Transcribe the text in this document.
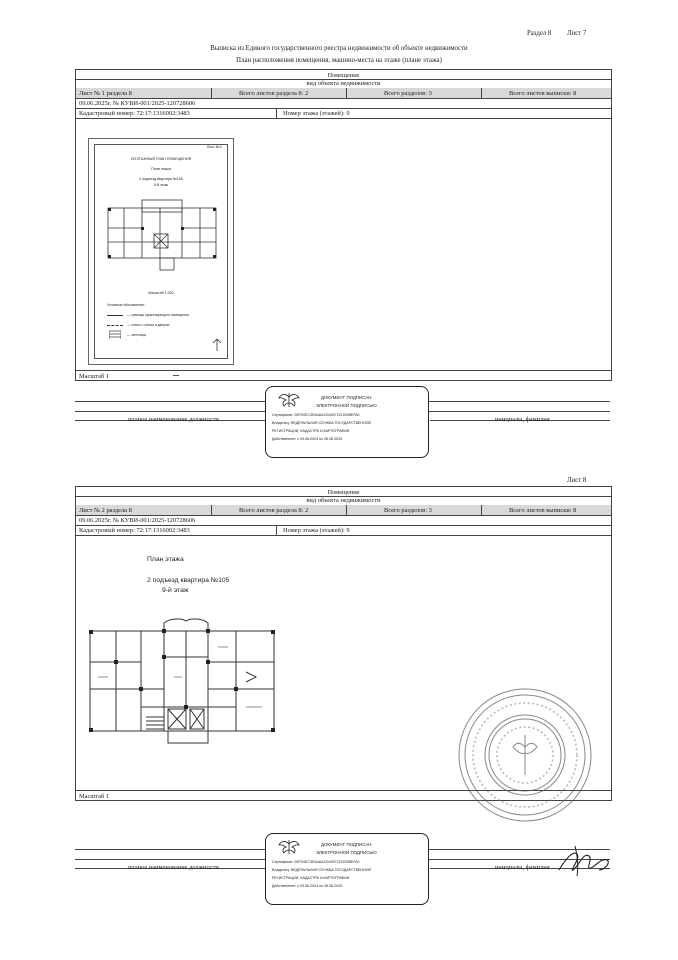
Раздел 8 Лист 7
Выписка из Единого государственного реестра недвижимости об объекте недвижимости
План расположения помещения, машино-места на этаже (плане этажа)
Помещение
вид объекта недвижимости
Лист № 1 раздела 8	Всего листов раздела 8: 2	Всего разделов: 3	Всего листов выписки: 8
09.06.2025г. № КУВИ-001/2025-120728606
Кадастровый номер: 72:17:1316002:3483	Номер этажа (этажей): 9
Масштаб 1
Лист №3
ПОЭТАЖНЫЙ ПЛАН ПОМЕЩЕНИЯ
План этажа
2 подъезд квартира №105
9-й этаж
Масштаб 1:200
Условные обозначения:
— граница существующего помещения
— стены с окном и дверью
— лестница
полное наименование должности	инициалы, фамилия
ДОКУМЕНТ ПОДПИСАН
ЭЛЕКТРОННОЙ ПОДПИСЬЮ
Сертификат: 00FD0EC3EA4AAC0A9072215395EFA0
Владелец: ФЕДЕРАЛЬНАЯ СЛУЖБА ГОСУДАРСТВЕННОЙ
РЕГИСТРАЦИИ, КАДАСТРА И КАРТОГРАФИИ
Действителен: с 03.06.2024 по 26.08.2025
Лист 8
Помещение
вид объекта недвижимости
Лист № 2 раздела 8	Всего листов раздела 8: 2	Всего разделов: 3	Всего листов выписки: 8
09.06.2025г. № КУВИ-001/2025-120728606
Кадастровый номер: 72:17:1316002:3483	Номер этажа (этажей): 9
Масштаб 1
План этажа
2 подъезд квартира №105
9-й этаж
полное наименование должности	инициалы, фамилия
ДОКУМЕНТ ПОДПИСАН
ЭЛЕКТРОННОЙ ПОДПИСЬЮ
Сертификат: 00FD0EC3EA4AAC0A9072215395EFA0
Владелец: ФЕДЕРАЛЬНАЯ СЛУЖБА ГОСУДАРСТВЕННОЙ
РЕГИСТРАЦИИ, КАДАСТРА И КАРТОГРАФИИ
Действителен: с 03.06.2024 по 26.08.2025
